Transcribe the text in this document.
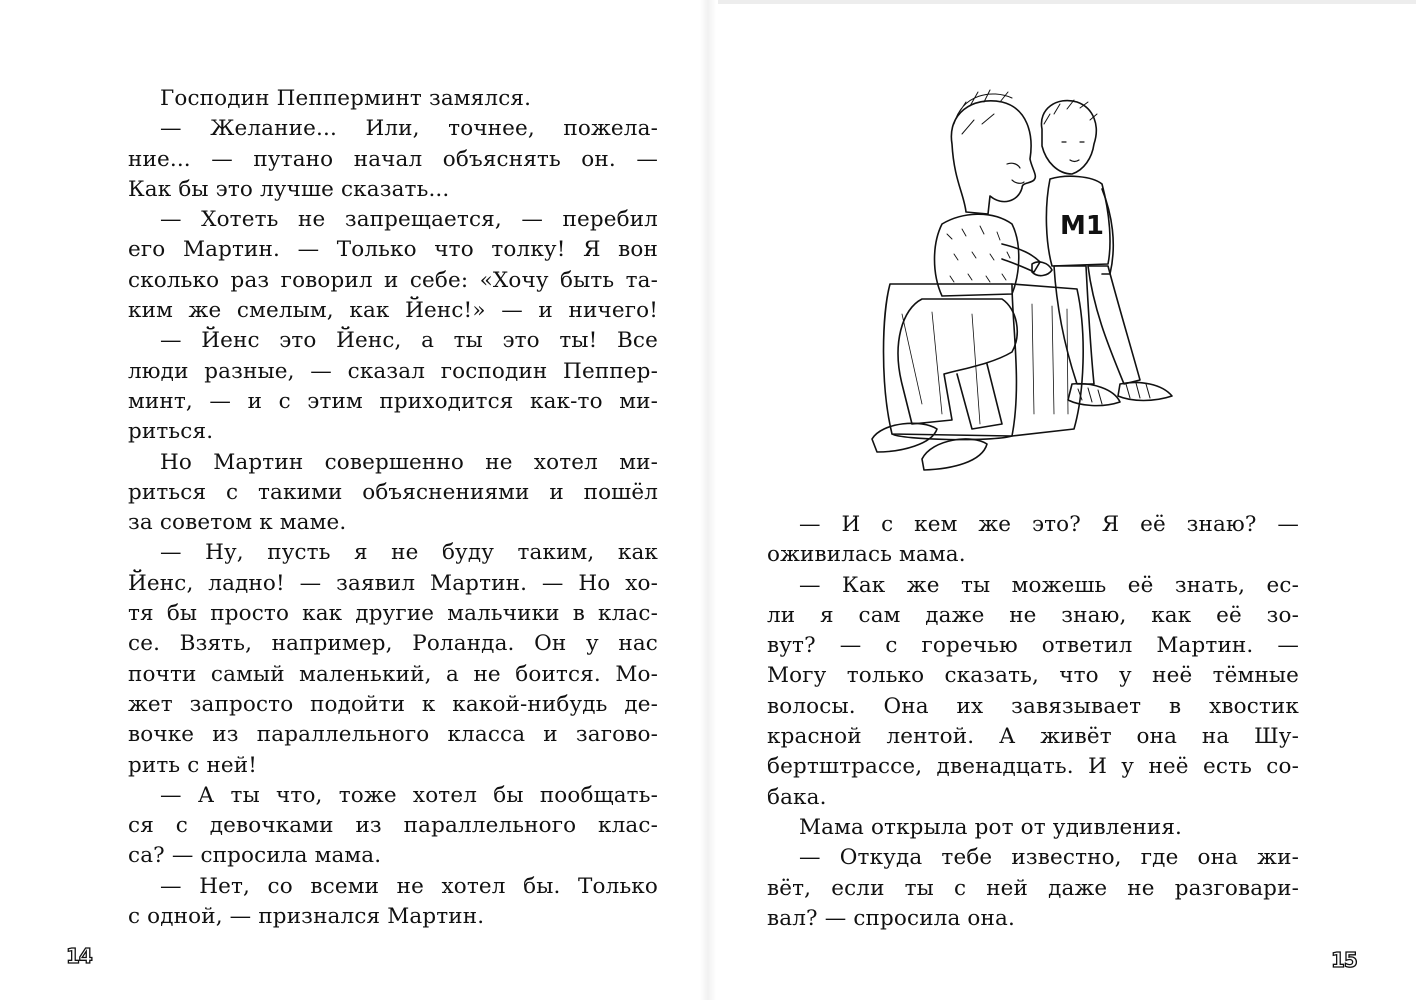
Господин Пепперминт замялся.
— Желание... Или, точнее, пожела-
ние... — путано начал объяснять он. —
Как бы это лучше сказать...
— Хотеть не запрещается, — перебил
его Мартин. — Только что толку! Я вон
сколько раз говорил и себе: «Хочу быть та-
ким же смелым, как Йенс!» — и ничего!
— Йенс это Йенс, а ты это ты! Все
люди разные, — сказал господин Пеппер-
минт, — и с этим приходится как-то ми-
риться.
Но Мартин совершенно не хотел ми-
риться с такими объяснениями и пошёл
за советом к маме.
— Ну, пусть я не буду таким, как
Йенс, ладно! — заявил Мартин. — Но хо-
тя бы просто как другие мальчики в клас-
се. Взять, например, Роланда. Он у нас
почти самый маленький, а не боится. Мо-
жет запросто подойти к какой-нибудь де-
вочке из параллельного класса и загово-
рить с ней!
— А ты что, тоже хотел бы пообщать-
ся с девочками из параллельного клас-
са? — спросила мама.
— Нет, со всеми не хотел бы. Только
с одной, — признался Мартин.
14
M1
— И с кем же это? Я её знаю? —
оживилась мама.
— Как же ты можешь её знать, ес-
ли я сам даже не знаю, как её зо-
вут? — с горечью ответил Мартин. —
Могу только сказать, что у неё тёмные
волосы. Она их завязывает в хвостик
красной лентой. А живёт она на Шу-
бертштрассе, двенадцать. И у неё есть со-
бака.
Мама открыла рот от удивления.
— Откуда тебе известно, где она жи-
вёт, если ты с ней даже не разговари-
вал? — спросила она.
15
